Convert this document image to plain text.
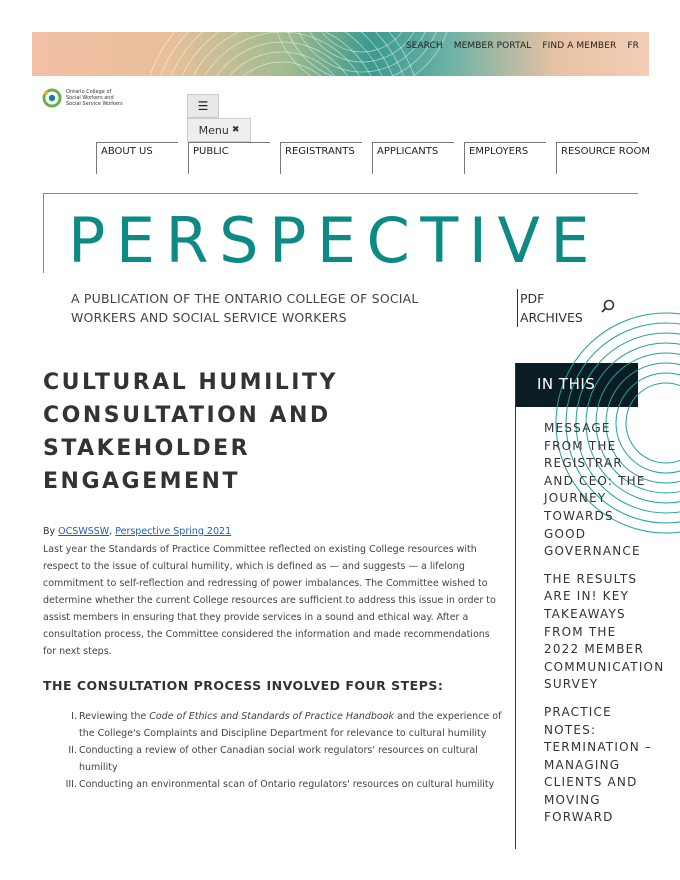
SEARCH MEMBER PORTAL FIND A MEMBER FR
Ontario College of Social Workers and Social Service Workers	☰
Menu ✖
ABOUT US	PUBLIC	REGISTRANTS	APPLICANTS	EMPLOYERS	RESOURCE ROOM
PERSPECTIVE
A PUBLICATION OF THE ONTARIO COLLEGE OF SOCIAL WORKERS AND SOCIAL SERVICE WORKERS
PDF
ARCHIVES
CULTURAL HUMILITY CONSULTATION AND STAKEHOLDER ENGAGEMENT
By OCSWSSW, Perspective Spring 2021

Last year the Standards of Practice Committee reflected on existing College resources with respect to the issue of cultural humility, which is defined as — and suggests — a lifelong commitment to self-reflection and redressing of power imbalances. The Committee wished to determine whether the current College resources are sufficient to address this issue in order to assist members in ensuring that they provide services in a sound and ethical way. After a consultation process, the Committee considered the information and made recommendations for next steps.

THE CONSULTATION PROCESS INVOLVED FOUR STEPS:
I. Reviewing the Code of Ethics and Standards of Practice Handbook and the experience of the College's Complaints and Discipline Department for relevance to cultural humility
II. Conducting a review of other Canadian social work regulators' resources on cultural humility
III. Conducting an environmental scan of Ontario regulators' resources on cultural humility
IN THIS
MESSAGE FROM THE REGISTRAR AND CEO: THE JOURNEY TOWARDS GOOD GOVERNANCE
THE RESULTS ARE IN! KEY TAKEAWAYS FROM THE 2022 MEMBER COMMUNICATION SURVEY
PRACTICE NOTES: TERMINATION – MANAGING CLIENTS AND MOVING FORWARD
